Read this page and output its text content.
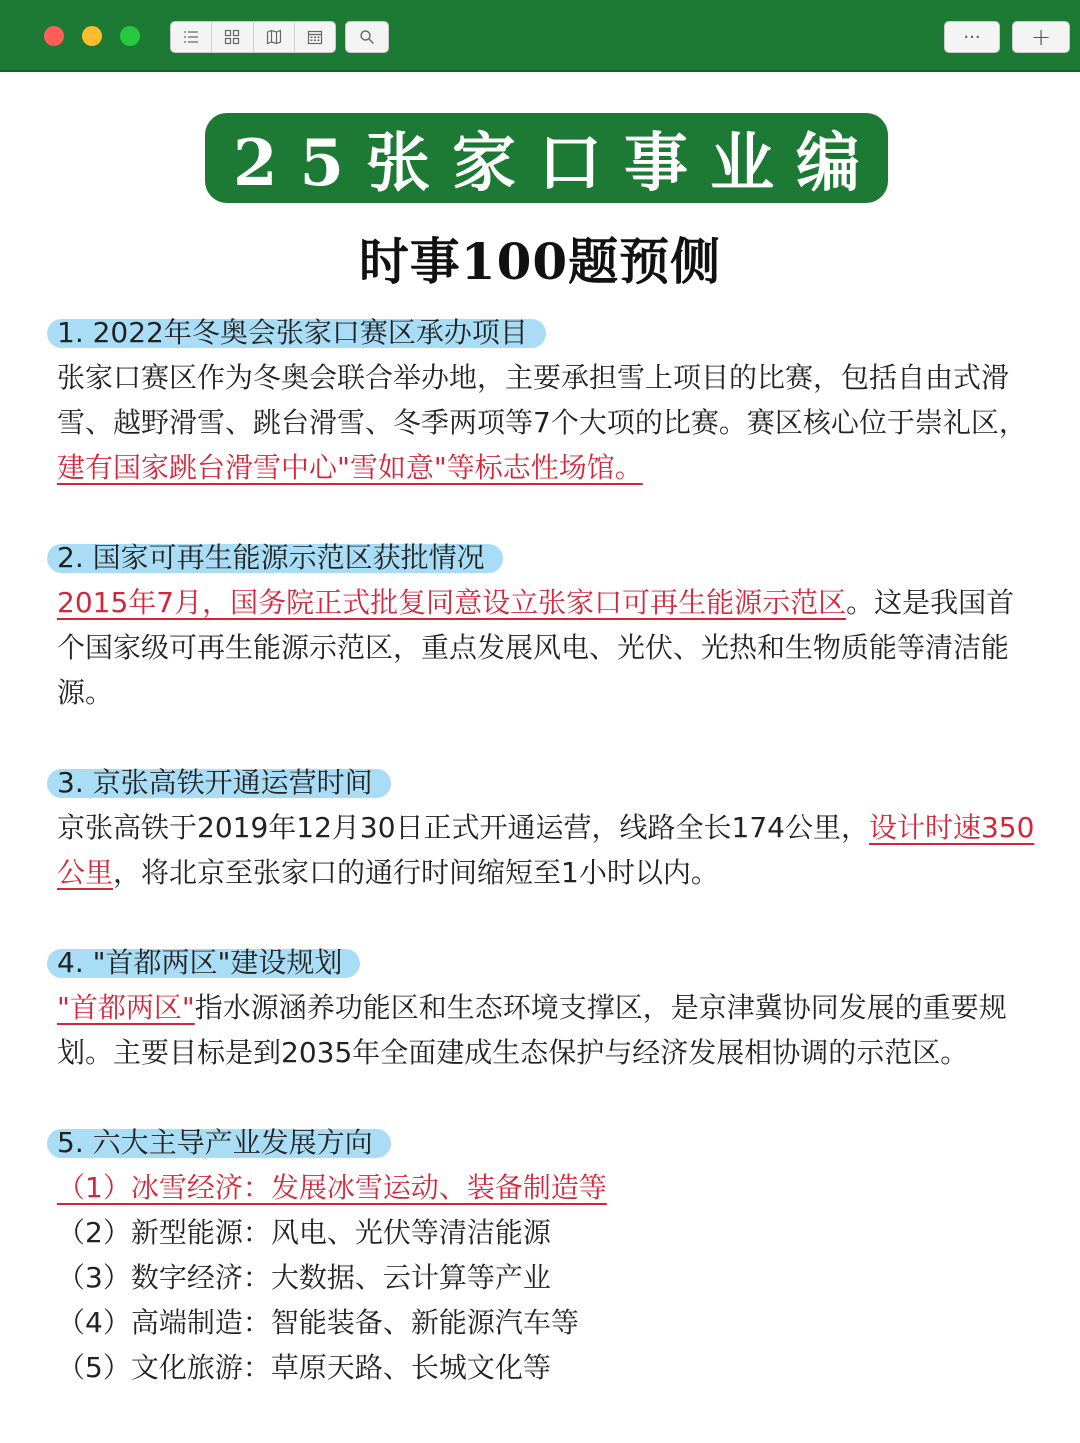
···	+
25张家口事业编
时事100题预侧
1. 2022年冬奥会张家口赛区承办项目

张家口赛区作为冬奥会联合举办地，主要承担雪上项目的比赛，包括自由式滑雪、越野滑雪、跳台滑雪、冬季两项等7个大项的比赛。赛区核心位于崇礼区，建有国家跳台滑雪中心"雪如意"等标志性场馆。

2. 国家可再生能源示范区获批情况

2015年7月，国务院正式批复同意设立张家口可再生能源示范区。这是我国首个国家级可再生能源示范区，重点发展风电、光伏、光热和生物质能等清洁能源。

3. 京张高铁开通运营时间

京张高铁于2019年12月30日正式开通运营，线路全长174公里，设计时速350公里，将北京至张家口的通行时间缩短至1小时以内。

4. "首都两区"建设规划

"首都两区"指水源涵养功能区和生态环境支撑区，是京津冀协同发展的重要规划。主要目标是到2035年全面建成生态保护与经济发展相协调的示范区。

5. 六大主导产业发展方向

（1）冰雪经济：发展冰雪运动、装备制造等

（2）新型能源：风电、光伏等清洁能源

（3）数字经济：大数据、云计算等产业

（4）高端制造：智能装备、新能源汽车等

（5）文化旅游：草原天路、长城文化等
